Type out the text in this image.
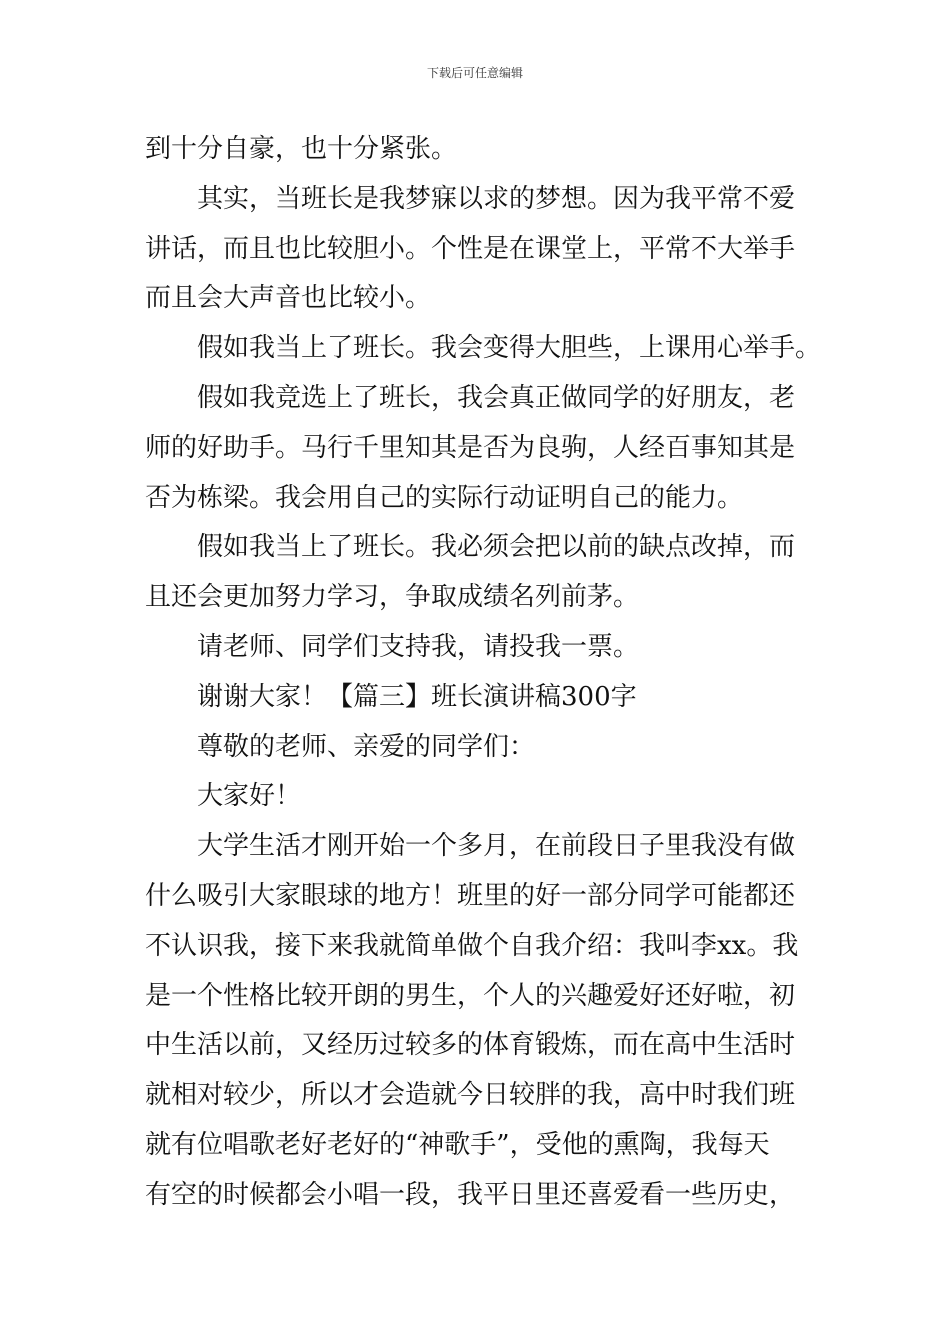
下载后可任意编辑
到十分自豪，也十分紧张。
其实，当班长是我梦寐以求的梦想。因为我平常不爱
讲话，而且也比较胆小。个性是在课堂上，平常不大举手
而且会大声音也比较小。
假如我当上了班长。我会变得大胆些，上课用心举手。
假如我竞选上了班长，我会真正做同学的好朋友，老
师的好助手。马行千里知其是否为良驹，人经百事知其是
否为栋梁。我会用自己的实际行动证明自己的能力。
假如我当上了班长。我必须会把以前的缺点改掉，而
且还会更加努力学习，争取成绩名列前茅。
请老师、同学们支持我，请投我一票。
谢谢大家！【篇三】班长演讲稿300字
尊敬的老师、亲爱的同学们：
大家好！
大学生活才刚开始一个多月，在前段日子里我没有做
什么吸引大家眼球的地方！班里的好一部分同学可能都还
不认识我，接下来我就简单做个自我介绍：我叫李xx。我
是一个性格比较开朗的男生，个人的兴趣爱好还好啦，初
中生活以前，又经历过较多的体育锻炼，而在高中生活时
就相对较少，所以才会造就今日较胖的我，高中时我们班
就有位唱歌老好老好的“神歌手”，受他的熏陶，我每天
有空的时候都会小唱一段，我平日里还喜爱看一些历史，
